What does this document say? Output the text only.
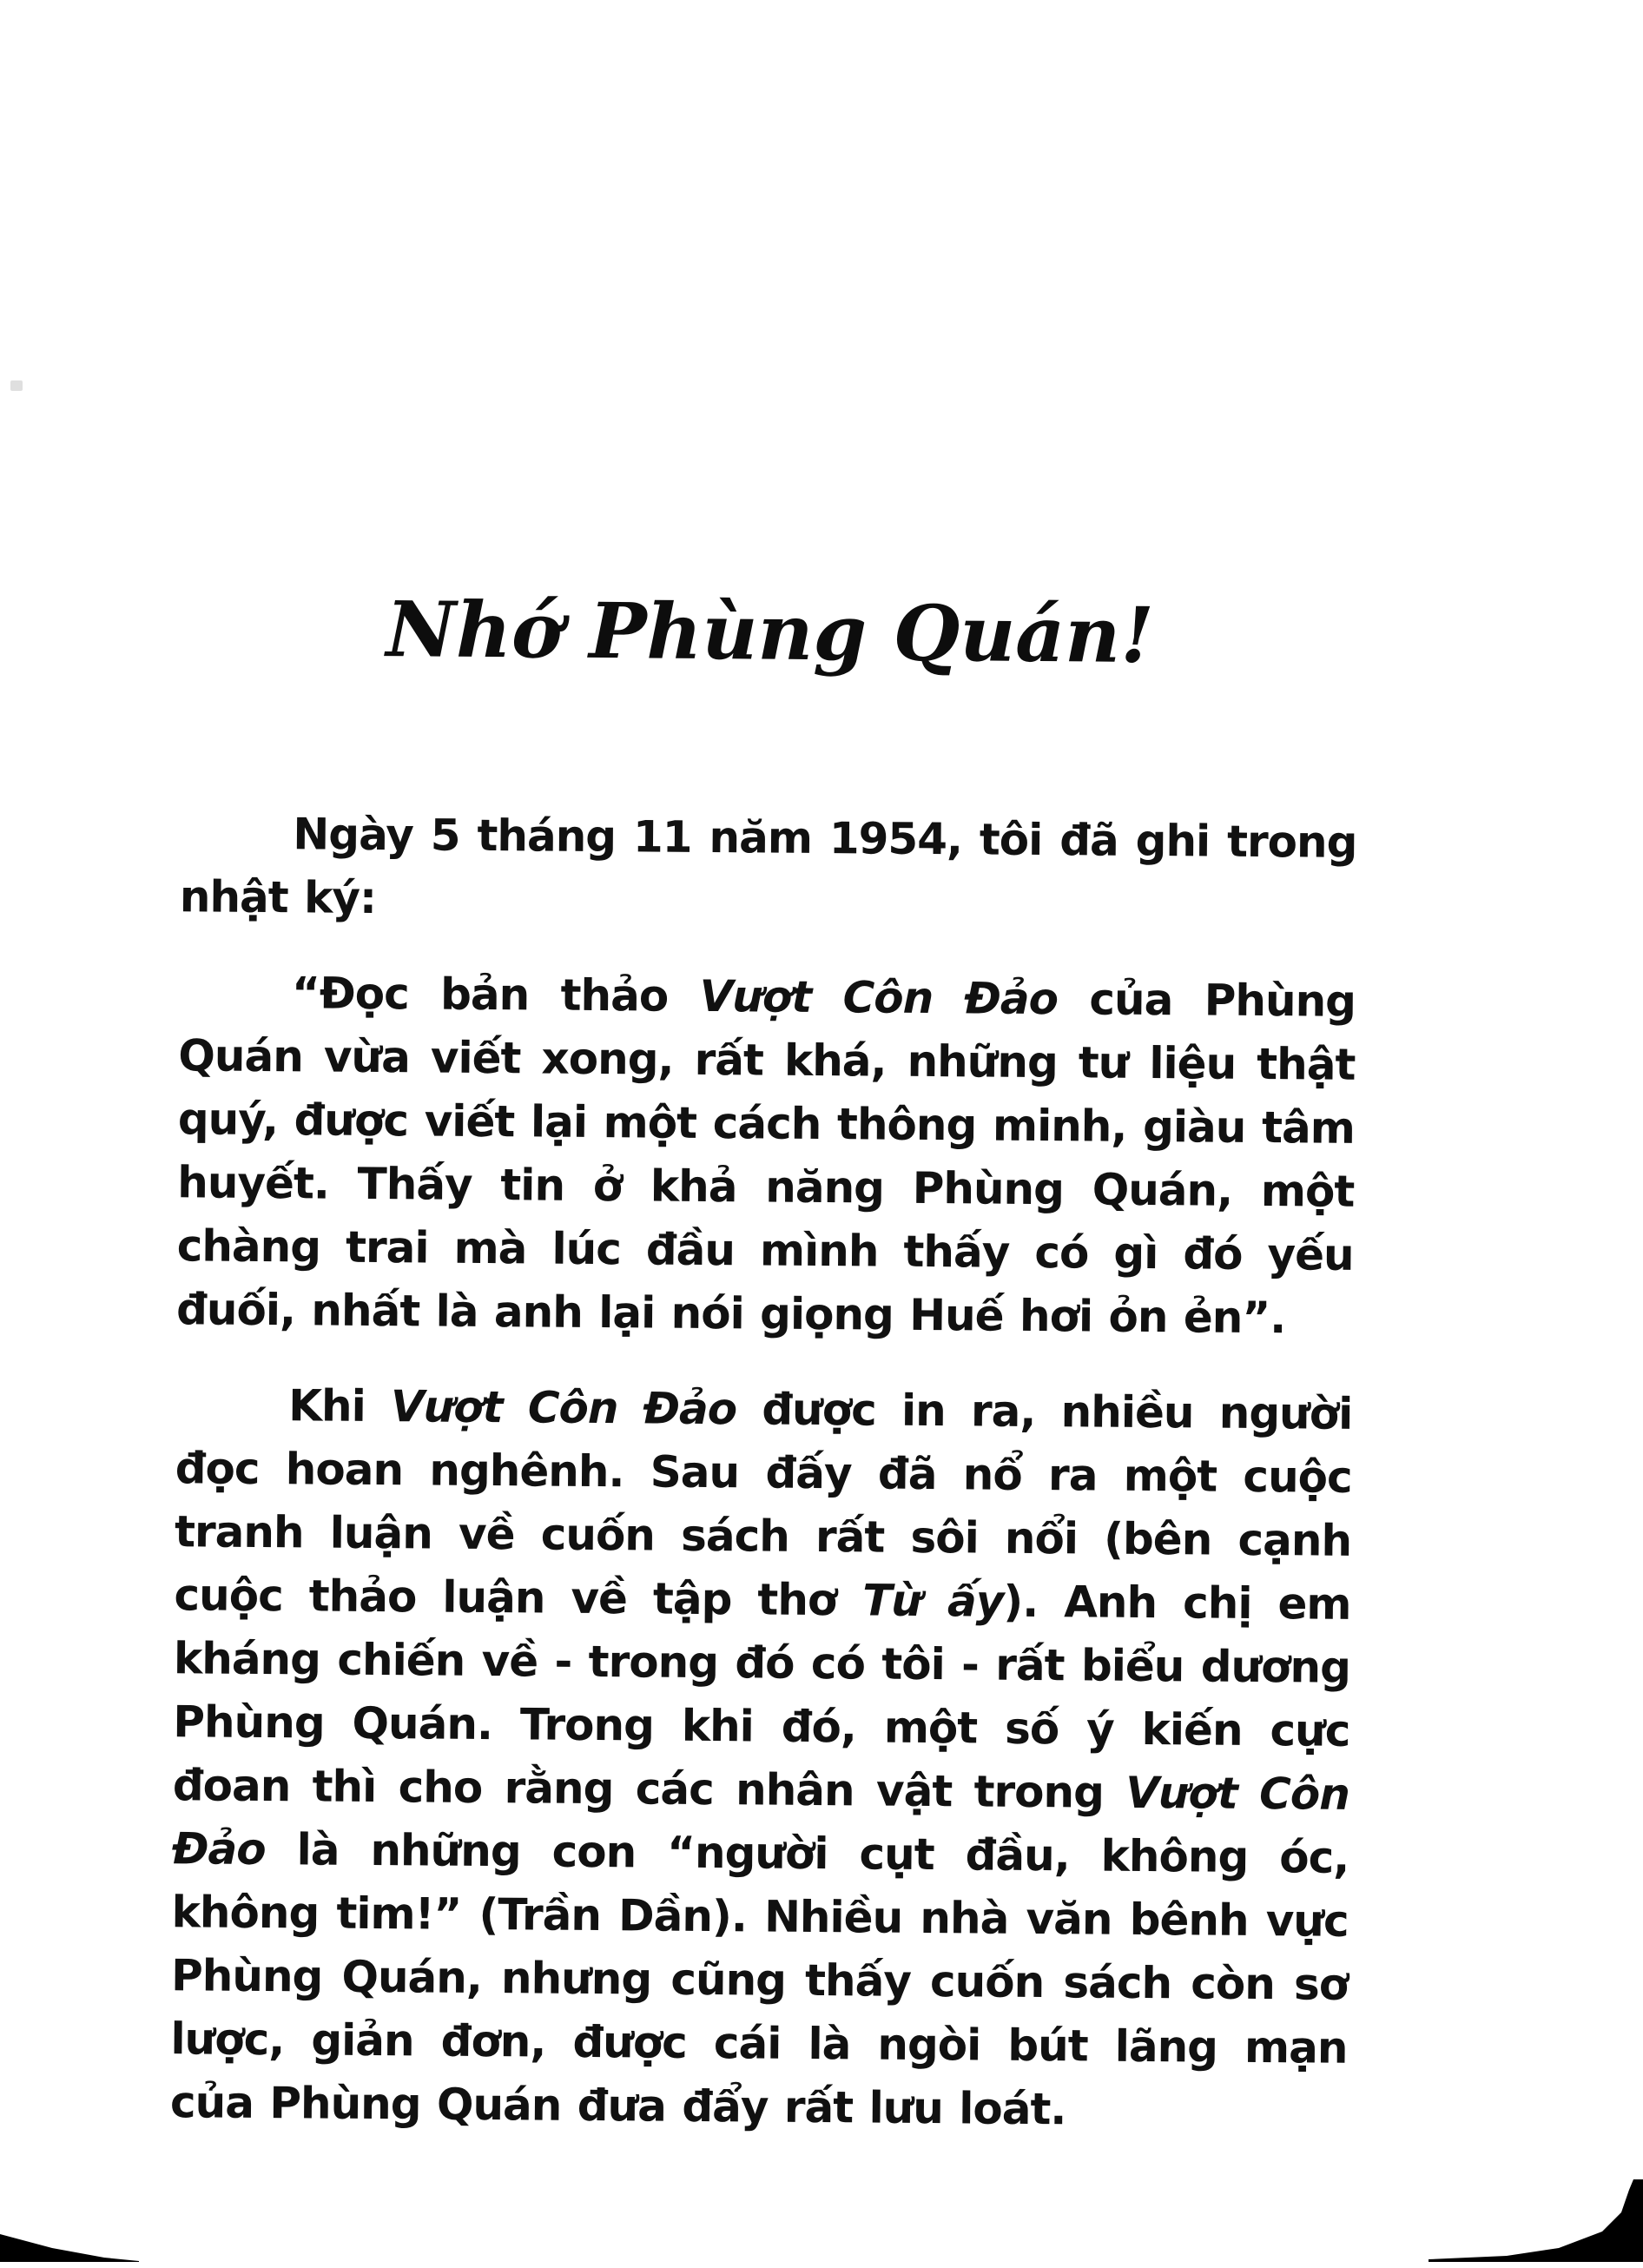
Nhớ Phùng Quán!

Ngày 5 tháng 11 năm 1954, tôi đã ghi trong nhật ký:

“Đọc bản thảo Vượt Côn Đảo của Phùng Quán vừa viết xong, rất khá, những tư liệu thật quý, được viết lại một cách thông minh, giàu tâm huyết. Thấy tin ở khả năng Phùng Quán, một chàng trai mà lúc đầu mình thấy có gì đó yếu đuối, nhất là anh lại nói giọng Huế hơi ỏn ẻn”.

Khi Vượt Côn Đảo được in ra, nhiều người đọc hoan nghênh. Sau đấy đã nổ ra một cuộc tranh luận về cuốn sách rất sôi nổi (bên cạnh cuộc thảo luận về tập thơ Từ ấy). Anh chị em kháng chiến về - trong đó có tôi - rất biểu dương Phùng Quán. Trong khi đó, một số ý kiến cực đoan thì cho rằng các nhân vật trong Vượt Côn Đảo là những con “người cụt đầu, không óc, không tim!” (Trần Dần). Nhiều nhà văn bênh vực Phùng Quán, nhưng cũng thấy cuốn sách còn sơ lược, giản đơn, được cái là ngòi bút lãng mạn của Phùng Quán đưa đẩy rất lưu loát.
